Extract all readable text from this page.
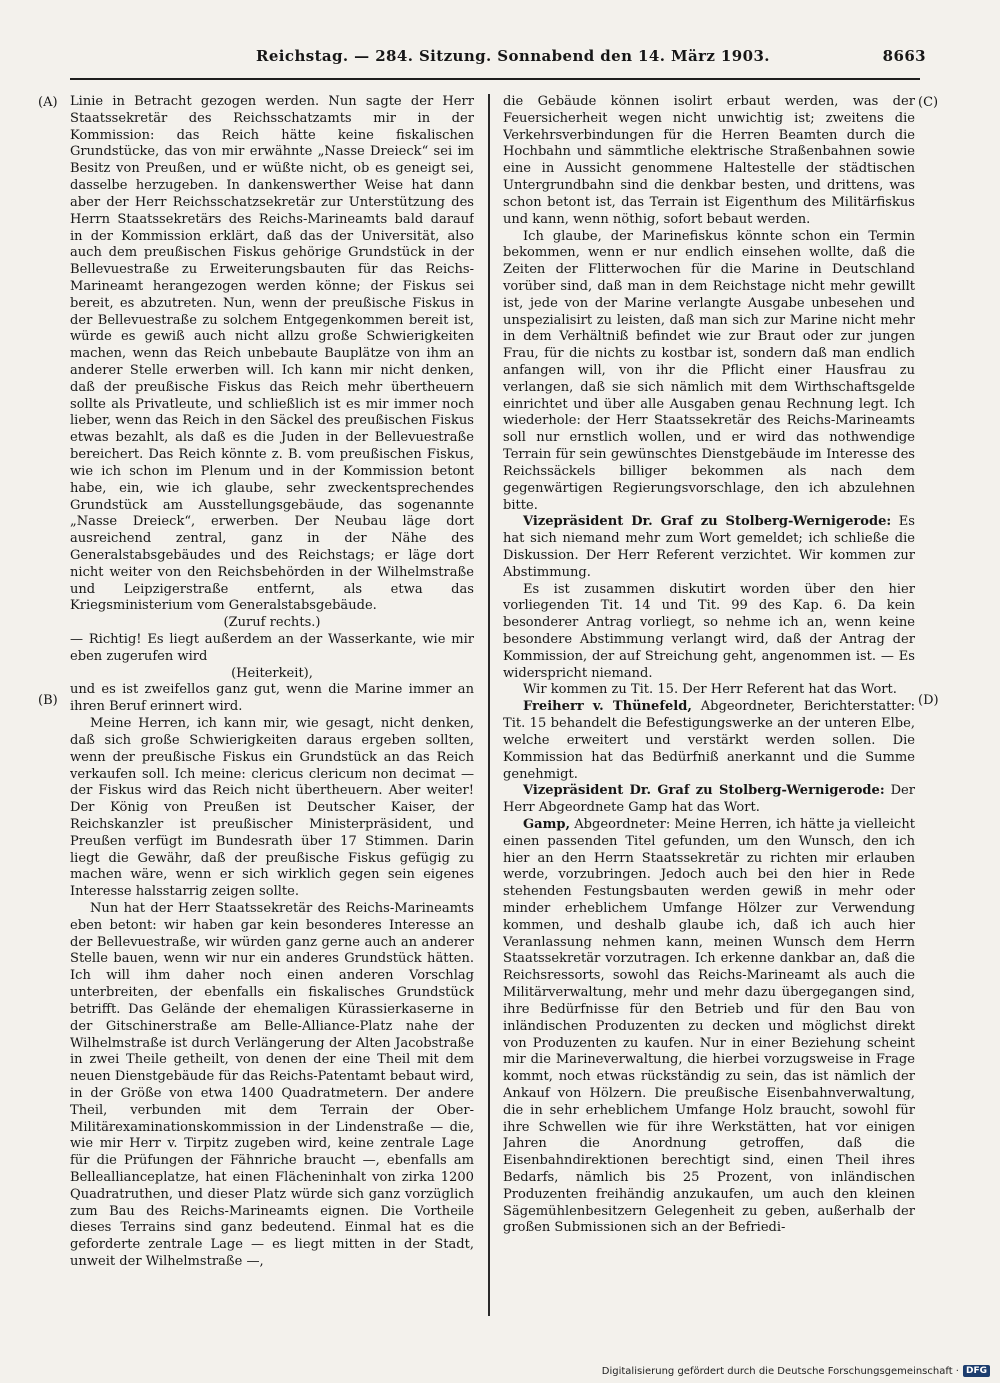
Reichstag. — 284. Sitzung. Sonnabend den 14. März 1903.	8663
(A)
(B)
(C)
(D)

Linie in Betracht gezogen werden. Nun sagte der Herr Staatssekretär des Reichsschatzamts mir in der Kommission: das Reich hätte keine fiskalischen Grundstücke, das von mir erwähnte „Nasse Dreieck“ sei im Besitz von Preußen, und er wüßte nicht, ob es geneigt sei, dasselbe herzugeben. In dankenswerther Weise hat dann aber der Herr Reichsschatzsekretär zur Unterstützung des Herrn Staatssekretärs des Reichs-Marineamts bald darauf in der Kommission erklärt, daß das der Universität, also auch dem preußischen Fiskus gehörige Grundstück in der Bellevuestraße zu Erweiterungsbauten für das Reichs-Marineamt herangezogen werden könne; der Fiskus sei bereit, es abzutreten. Nun, wenn der preußische Fiskus in der Bellevuestraße zu solchem Entgegenkommen bereit ist, würde es gewiß auch nicht allzu große Schwierigkeiten machen, wenn das Reich unbebaute Bauplätze von ihm an anderer Stelle erwerben will. Ich kann mir nicht denken, daß der preußische Fiskus das Reich mehr übertheuern sollte als Privatleute, und schließlich ist es mir immer noch lieber, wenn das Reich in den Säckel des preußischen Fiskus etwas bezahlt, als daß es die Juden in der Bellevuestraße bereichert. Das Reich könnte z. B. vom preußischen Fiskus, wie ich schon im Plenum und in der Kommission betont habe, ein, wie ich glaube, sehr zweckentsprechendes Grundstück am Ausstellungsgebäude, das sogenannte „Nasse Dreieck“, erwerben. Der Neubau läge dort ausreichend zentral, ganz in der Nähe des Generalstabsgebäudes und des Reichstags; er läge dort nicht weiter von den Reichsbehörden in der Wilhelmstraße und Leipzigerstraße entfernt, als etwa das Kriegsministerium vom Generalstabsgebäude.

(Zuruf rechts.)

— Richtig! Es liegt außerdem an der Wasserkante, wie mir eben zugerufen wird

(Heiterkeit),

und es ist zweifellos ganz gut, wenn die Marine immer an ihren Beruf erinnert wird.

Meine Herren, ich kann mir, wie gesagt, nicht denken, daß sich große Schwierigkeiten daraus ergeben sollten, wenn der preußische Fiskus ein Grundstück an das Reich verkaufen soll. Ich meine: clericus clericum non decimat — der Fiskus wird das Reich nicht übertheuern. Aber weiter! Der König von Preußen ist Deutscher Kaiser, der Reichskanzler ist preußischer Ministerpräsident, und Preußen verfügt im Bundesrath über 17 Stimmen. Darin liegt die Gewähr, daß der preußische Fiskus gefügig zu machen wäre, wenn er sich wirklich gegen sein eigenes Interesse halsstarrig zeigen sollte.

Nun hat der Herr Staatssekretär des Reichs-Marineamts eben betont: wir haben gar kein besonderes Interesse an der Bellevuestraße, wir würden ganz gerne auch an anderer Stelle bauen, wenn wir nur ein anderes Grundstück hätten. Ich will ihm daher noch einen anderen Vorschlag unterbreiten, der ebenfalls ein fiskalisches Grundstück betrifft. Das Gelände der ehemaligen Kürassierkaserne in der Gitschinerstraße am Belle-Alliance-Platz nahe der Wilhelmstraße ist durch Verlängerung der Alten Jacobstraße in zwei Theile getheilt, von denen der eine Theil mit dem neuen Dienstgebäude für das Reichs-Patentamt bebaut wird, in der Größe von etwa 1400 Quadratmetern. Der andere Theil, verbunden mit dem Terrain der Ober-Militärexaminationskommission in der Lindenstraße — die, wie mir Herr v. Tirpitz zugeben wird, keine zentrale Lage für die Prüfungen der Fähnriche braucht —, ebenfalls am Belleallianceplatze, hat einen Flächeninhalt von zirka 1200 Quadratruthen, und dieser Platz würde sich ganz vorzüglich zum Bau des Reichs-Marineamts eignen. Die Vortheile dieses Terrains sind ganz bedeutend. Einmal hat es die geforderte zentrale Lage — es liegt mitten in der Stadt, unweit der Wilhelmstraße —,

die Gebäude können isolirt erbaut werden, was der Feuersicherheit wegen nicht unwichtig ist; zweitens die Verkehrsverbindungen für die Herren Beamten durch die Hochbahn und sämmtliche elektrische Straßenbahnen sowie eine in Aussicht genommene Haltestelle der städtischen Untergrundbahn sind die denkbar besten, und drittens, was schon betont ist, das Terrain ist Eigenthum des Militärfiskus und kann, wenn nöthig, sofort bebaut werden.

Ich glaube, der Marinefiskus könnte schon ein Termin bekommen, wenn er nur endlich einsehen wollte, daß die Zeiten der Flitterwochen für die Marine in Deutschland vorüber sind, daß man in dem Reichstage nicht mehr gewillt ist, jede von der Marine verlangte Ausgabe unbesehen und unspezialisirt zu leisten, daß man sich zur Marine nicht mehr in dem Verhältniß befindet wie zur Braut oder zur jungen Frau, für die nichts zu kostbar ist, sondern daß man endlich anfangen will, von ihr die Pflicht einer Hausfrau zu verlangen, daß sie sich nämlich mit dem Wirthschaftsgelde einrichtet und über alle Ausgaben genau Rechnung legt. Ich wiederhole: der Herr Staatssekretär des Reichs-Marineamts soll nur ernstlich wollen, und er wird das nothwendige Terrain für sein gewünschtes Dienstgebäude im Interesse des Reichssäckels billiger bekommen als nach dem gegenwärtigen Regierungsvorschlage, den ich abzulehnen bitte.

Vizepräsident Dr. Graf zu Stolberg-Wernigerode: Es hat sich niemand mehr zum Wort gemeldet; ich schließe die Diskussion. Der Herr Referent verzichtet. Wir kommen zur Abstimmung.

Es ist zusammen diskutirt worden über den hier vorliegenden Tit. 14 und Tit. 99 des Kap. 6. Da kein besonderer Antrag vorliegt, so nehme ich an, wenn keine besondere Abstimmung verlangt wird, daß der Antrag der Kommission, der auf Streichung geht, angenommen ist. — Es widerspricht niemand.

Wir kommen zu Tit. 15. Der Herr Referent hat das Wort.

Freiherr v. Thünefeld, Abgeordneter, Berichterstatter: Tit. 15 behandelt die Befestigungswerke an der unteren Elbe, welche erweitert und verstärkt werden sollen. Die Kommission hat das Bedürfniß anerkannt und die Summe genehmigt.

Vizepräsident Dr. Graf zu Stolberg-Wernigerode: Der Herr Abgeordnete Gamp hat das Wort.

Gamp, Abgeordneter: Meine Herren, ich hätte ja vielleicht einen passenden Titel gefunden, um den Wunsch, den ich hier an den Herrn Staatssekretär zu richten mir erlauben werde, vorzubringen. Jedoch auch bei den hier in Rede stehenden Festungsbauten werden gewiß in mehr oder minder erheblichem Umfange Hölzer zur Verwendung kommen, und deshalb glaube ich, daß ich auch hier Veranlassung nehmen kann, meinen Wunsch dem Herrn Staatssekretär vorzutragen. Ich erkenne dankbar an, daß die Reichsressorts, sowohl das Reichs-Marineamt als auch die Militärverwaltung, mehr und mehr dazu übergegangen sind, ihre Bedürfnisse für den Betrieb und für den Bau von inländischen Produzenten zu decken und möglichst direkt von Produzenten zu kaufen. Nur in einer Beziehung scheint mir die Marineverwaltung, die hierbei vorzugsweise in Frage kommt, noch etwas rückständig zu sein, das ist nämlich der Ankauf von Hölzern. Die preußische Eisenbahnverwaltung, die in sehr erheblichem Umfange Holz braucht, sowohl für ihre Schwellen wie für ihre Werkstätten, hat vor einigen Jahren die Anordnung getroffen, daß die Eisenbahndirektionen berechtigt sind, einen Theil ihres Bedarfs, nämlich bis 25 Prozent, von inländischen Produzenten freihändig anzukaufen, um auch den kleinen Sägemühlenbesitzern Gelegenheit zu geben, außerhalb der großen Submissionen sich an der Befriedi-

Digitalisierung gefördert durch die Deutsche Forschungsgemeinschaft · DFG
